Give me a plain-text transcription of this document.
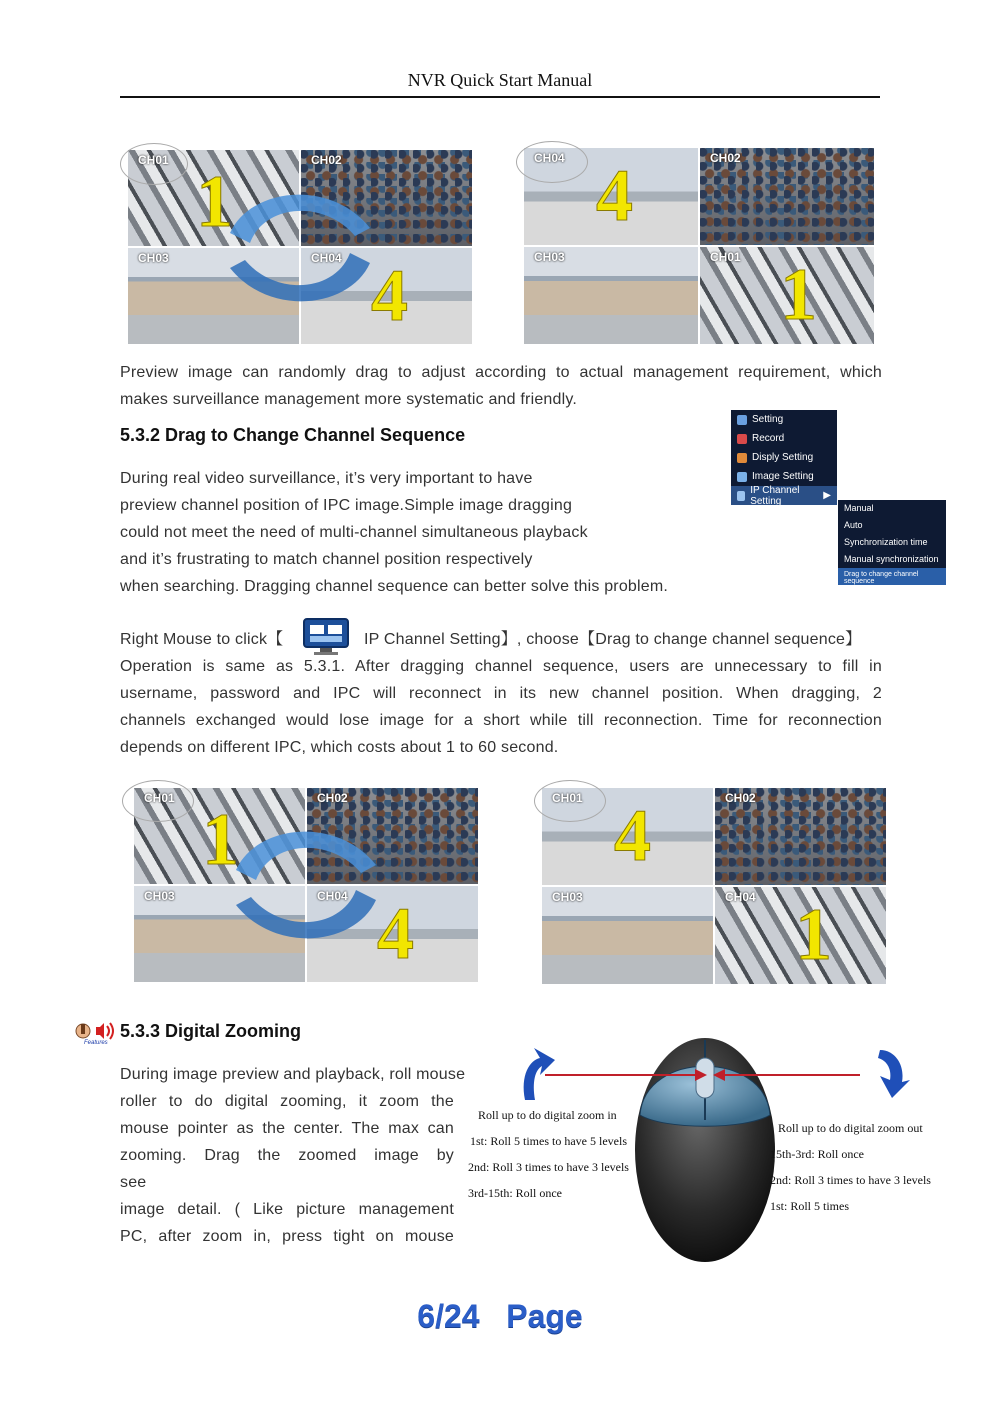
NVR Quick Start Manual
CH01
1
CH02
CH03	CH04 4
CH04 4	CH02
CH03	CH01 1
Preview image can randomly drag to adjust according to actual management requirement, which
makes surveillance management more systematic and friendly.
5.3.2 Drag to Change Channel Sequence
During real video surveillance, it’s very important to have
preview channel position of IPC image.Simple image dragging
could not meet the need of multi-channel simultaneous playback
and it’s frustrating to match channel position respectively
when searching. Dragging channel sequence can better solve this problem.
Setting
Record
Disply Setting
Image Setting
IP Channel Setting	▶
Manual
Auto
Synchronization time
Manual synchronization
Drag to change channel sequence
Right Mouse to click【	IP Channel Setting】, choose【Drag to change channel sequence】
Operation is same as 5.3.1. After dragging channel sequence, users are unnecessary to fill in
username, password and IPC will reconnect in its new channel position. When dragging, 2
channels exchanged would lose image for a short while till reconnection. Time for reconnection
depends on different IPC, which costs about 1 to 60 second.
CH01
1
CH02
CH03	CH04 4
CH01 4	CH02
CH03	CH04 1
Features
5.3.3 Digital Zooming
During image preview and playback, roll mouse
roller to do digital zooming, it zoom the
mouse pointer as the center. The max can
zooming. Drag the zoomed image by
see
image detail. ( Like picture management
PC, after zoom in, press tight on mouse
Roll up to do digital zoom in
1st: Roll 5 times to have 5 levels
2nd: Roll 3 times to have 3 levels
3rd-15th: Roll once
Roll up to do digital zoom out
15th-3rd: Roll once
2nd: Roll 3 times to have 3 levels
1st: Roll 5 times
6/24   Page
